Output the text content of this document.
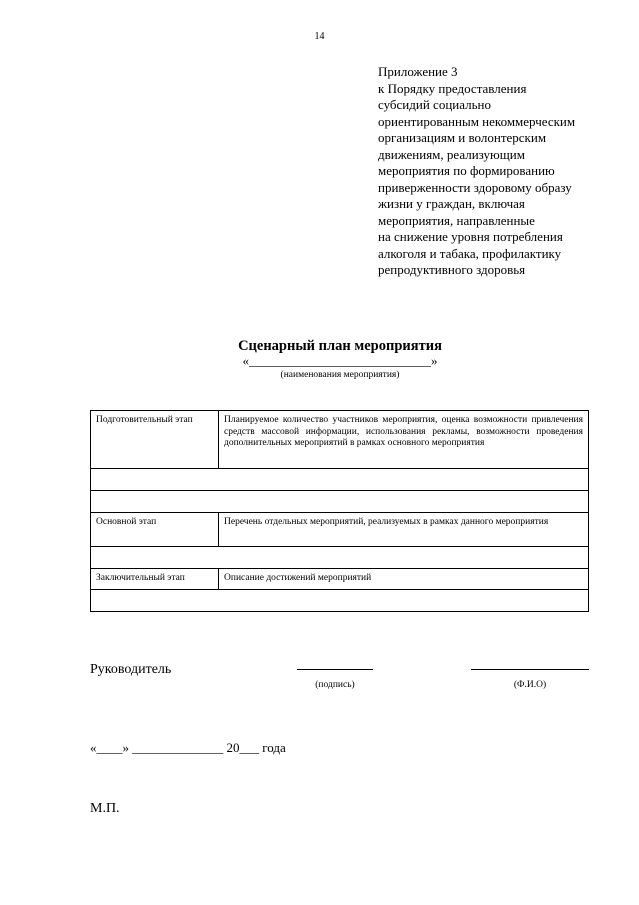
14
Приложение 3
к Порядку предоставления
субсидий социально
ориентированным некоммерческим
организациям и волонтерским
движениям, реализующим
мероприятия по формированию
приверженности здоровому образу
жизни у граждан, включая
мероприятия, направленные
на снижение уровня потребления
алкоголя и табака, профилактику
репродуктивного здоровья
Сценарный план мероприятия
«____________________________»
(наименования мероприятия)
Подготовительный этап	Планируемое количество участников мероприятия, оценка возможности привлечения средств массовой информации, использования рекламы, возможности проведения дополнительных мероприятий в рамках основного мероприятия

Основной этап	Перечень отдельных мероприятий, реализуемых в рамках данного мероприятия

Заключительный этап	Описание достижений мероприятий

Руководитель
(подпись)	(Ф.И.О)
«____» ______________ 20___ года
М.П.
